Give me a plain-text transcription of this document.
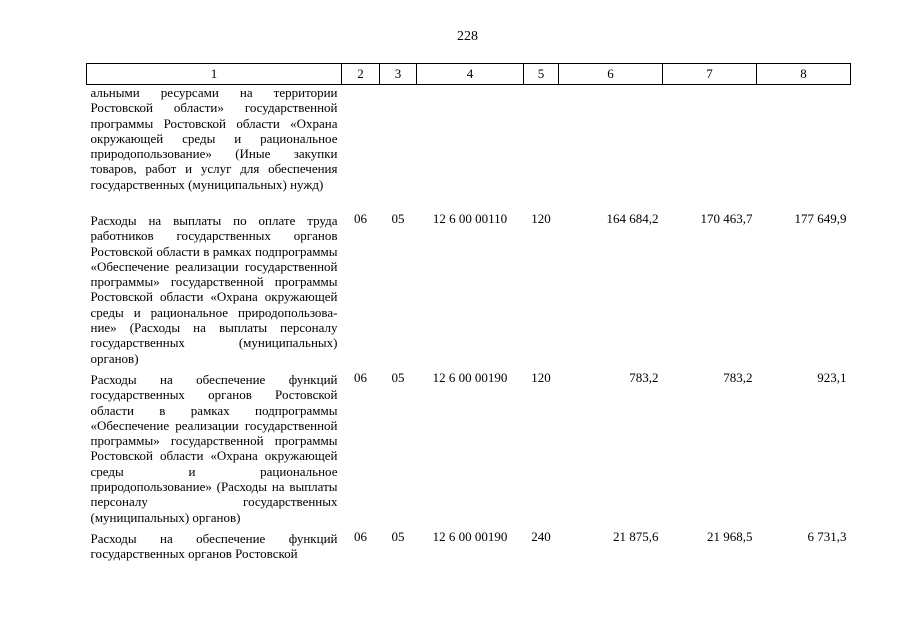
228
1	2	3	4	5	6	7	8
альными ресурсами на территории Ростовской области» государственной программы Ростовской области «Охрана окружающей среды и рациональное природопользование» (Иные закупки товаров, работ и услуг для обеспечения государственных (муниципальных) нужд)							
Расходы на выплаты по оплате труда работников государственных органов Ростовской области в рамках подпрограммы «Обеспечение реализации государственной программы» государственной программы Ростовской области «Охрана окружающей среды и рациональное природопользование» (Расходы на выплаты персоналу государственных (муниципальных) органов)	06	05	12 6 00 00110	120	164 684,2	170 463,7	177 649,9
Расходы на обеспечение функций государственных органов Ростовской области в рамках подпрограммы «Обеспечение реализации государственной программы» государственной программы Ростовской области «Охрана окружающей среды и рациональное природопользование» (Расходы на выплаты персоналу государственных (муниципальных) органов)	06	05	12 6 00 00190	120	783,2	783,2	923,1
Расходы на обеспечение функций государственных органов Ростовской	06	05	12 6 00 00190	240	21 875,6	21 968,5	6 731,3
